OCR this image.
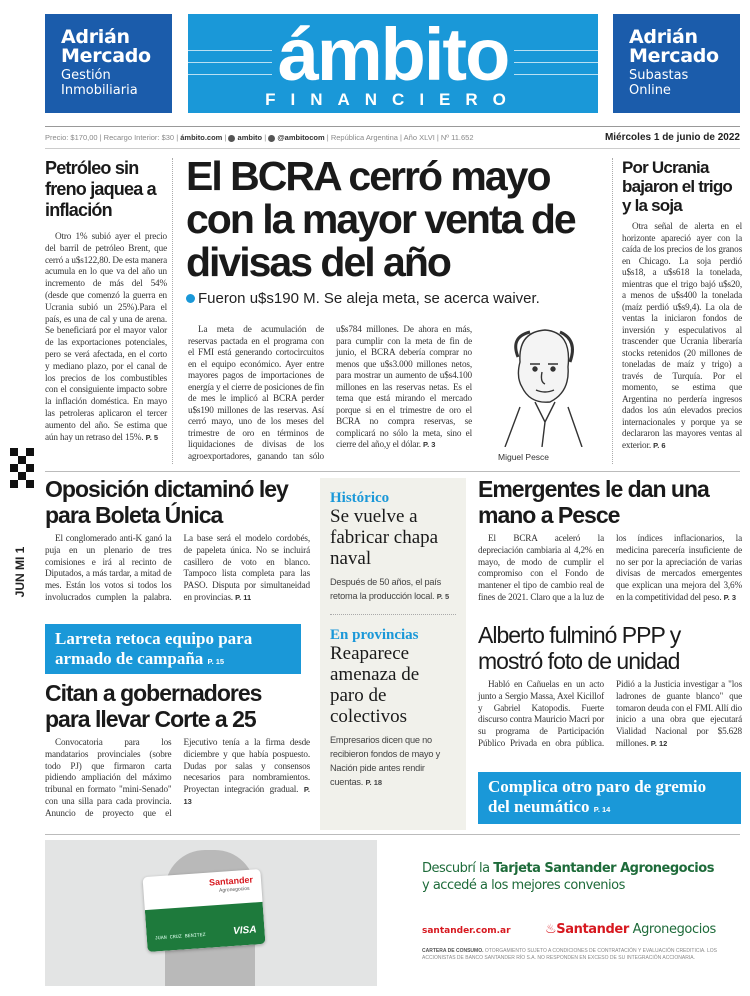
Adrián
Mercado
Gestión
Inmobiliaria	ámbito
FINANCIERO
Adrián
Mercado
Subastas
Online
Precio: $170,00 | Recargo Interior: $30 | ámbito.com |  ambito |  @ambitocom | República Argentina | Año XLVI | Nº 11.652	Miércoles 1 de junio de 2022
JUN MI 1
Petróleo sin freno jaquea a inflación
Otro 1% subió ayer el precio del barril de petróleo Brent, que cerró a u$s122,80. De esta manera acumula en lo que va del año un incremento de más del 54% (desde que comenzó la guerra en Ucrania subió un 25%).Para el país, es una de cal y una de arena. Se beneficiará por el mayor valor de las exportaciones potenciales, pero se verá afectada, en el corto y mediano plazo, por el canal de los precios de los combustibles con el consiguiente impacto sobre la inflación doméstica. En mayo las petroleras aplicaron el tercer aumento del año. Se estima que aún hay un retraso del 15%. P. 5
El BCRA cerró mayo con la mayor venta de divisas del año
Fueron u$s190 M. Se aleja meta, se acerca waiver.
La meta de acumulación de reservas pactada en el programa con el FMI está generando cortocircuitos en el equipo económico. Ayer entre mayores pagos de importaciones de energía y el cierre de posiciones de fin de mes le implicó al BCRA perder u$s190 millones de las reservas. Así cerró mayo, uno de los meses del trimestre de oro en términos de liquidaciones de divisas de los agroexportadores, ganando tan sólo u$s784 millones. De ahora en más, para cumplir con la meta de fin de junio, el BCRA debería comprar no menos que u$s3.000 millones netos, para mostrar un aumento de u$s4.100 millones en las reservas netas. Es el tema que está mirando el mercado porque si en el trimestre de oro el BCRA no compra reservas, se complicará no sólo la meta, sino el cierre del año,y el dólar. P. 3
Miguel Pesce
Por Ucrania bajaron el trigo y la soja
Otra señal de alerta en el horizonte apareció ayer con la caída de los precios de los granos en Chicago. La soja perdió u$s18, a u$s618 la tonelada, mientras que el trigo bajó u$s20, a menos de u$s400 la tonelada (maíz perdió u$s9,4). La ola de ventas la iniciaron fondos de inversión y especulativos al trascender que Ucrania liberaría stocks retenidos (20 millones de toneladas de maíz y trigo) a través de Turquía. Por el momento, se estima que Argentina no perdería ingresos dados los aún elevados precios internacionales y porque ya se declararon las mayores ventas al exterior. P. 6
Oposición dictaminó ley para Boleta Única
El conglomerado anti-K ganó la puja en un plenario de tres comisiones e irá al recinto de Diputados, a más tardar, a mitad de mes. Están los votos si todos los involucrados cumplen la palabra. La base será el modelo cordobés, de papeleta única. No se incluirá casillero de voto en blanco. Tampoco lista completa para las PASO. Disputa por simultaneidad en provincias. P. 11
Larreta retoca equipo para armado de campaña P. 15
Citan a gobernadores para llevar Corte a 25
Convocatoria para los mandatarios provinciales (sobre todo PJ) que firmaron carta pidiendo ampliación del máximo tribunal en formato "mini-Senado" con una silla para cada provincia. Anuncio de proyecto que el Ejecutivo tenía a la firma desde diciembre y que había pospuesto. Dudas por salas y consensos necesarios para nombramientos. Proyectan integración gradual. P. 13
Histórico
Se vuelve a fabricar chapa naval
Después de 50 años, el país retoma la producción local. P. 5
En provincias
Reaparece amenaza de paro de colectivos
Empresarios dicen que no recibieron fondos de mayo y Nación pide antes rendir cuentas. P. 18
Emergentes le dan una mano a Pesce
El BCRA aceleró la depreciación cambiaria al 4,2% en mayo, de modo de cumplir el compromiso con el Fondo de mantener el tipo de cambio real de fines de 2021. Claro que a la luz de los índices inflacionarios, la medicina parecería insuficiente de no ser por la apreciación de varias divisas de mercados emergentes que explican una mejora del 3,6% en la competitividad del peso. P. 3
Alberto fulminó PPP y mostró foto de unidad
Habló en Cañuelas en un acto junto a Sergio Massa, Axel Kicillof y Gabriel Katopodis. Fuerte discurso contra Mauricio Macri por su programa de Participación Público Privada en obra pública. Pidió a la Justicia investigar a "los ladrones de guante blanco" que tomaron deuda con el FMI. Allí dio inicio a una obra que ejecutará Vialidad Nacional por $5.628 millones. P. 12
Complica otro paro de gremio del neumático P. 14
Santander
Agronegocios
JUAN CRUZ BENITEZ	VISA
Descubrí la Tarjeta Santander Agronegocios
y accedé a los mejores convenios
santander.com.ar	♨Santander Agronegocios
CARTERA DE CONSUMO. OTORGAMIENTO SUJETO A CONDICIONES DE CONTRATACIÓN Y EVALUACIÓN CREDITICIA. LOS ACCIONISTAS DE BANCO SANTANDER RÍO S.A. NO RESPONDEN EN EXCESO DE SU INTEGRACIÓN ACCIONARIA.
